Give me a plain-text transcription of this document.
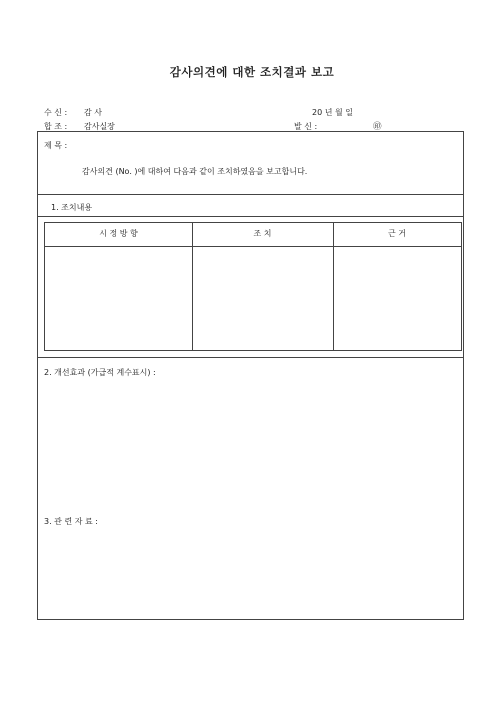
감사의견에 대한 조치결과 보고
수 신 : 감 사	20 년 월 일
합 조 : 감사실장	발 신 :	㊞
제 목 :
감사의견 (No. )에 대하여 다음과 같이 조치하였음을 보고합니다.
1. 조치내용
시 정 방 향	조 치	근 거
2. 개선효과 (가급적 계수표시) :
3. 관 련 자 료 :
